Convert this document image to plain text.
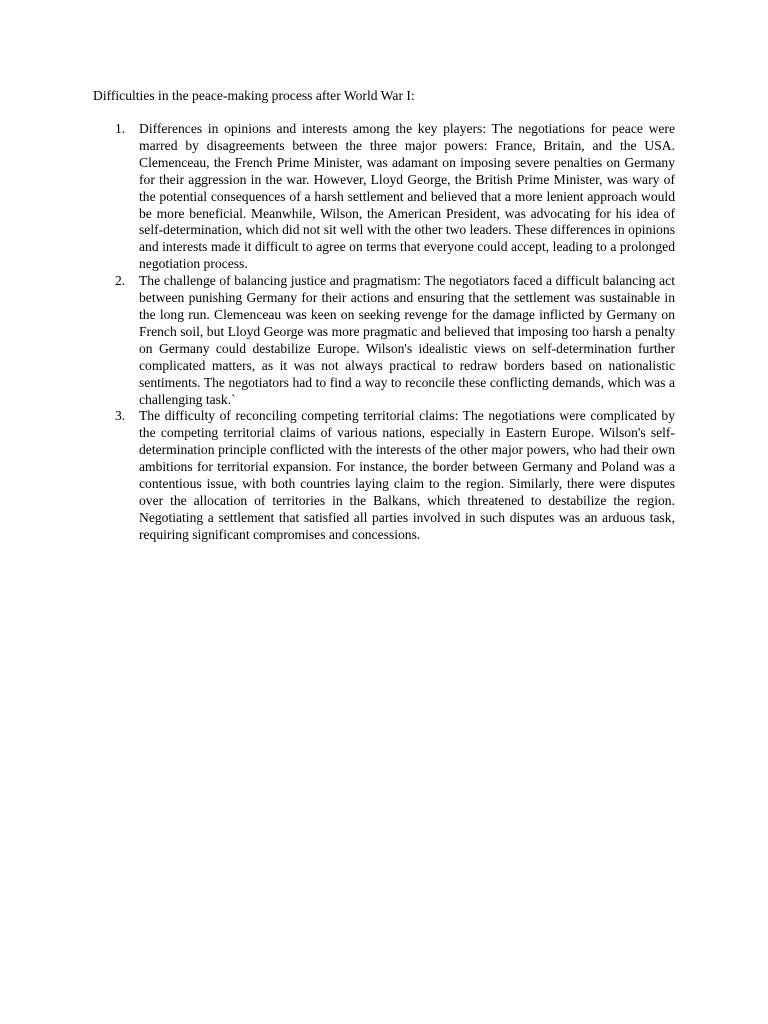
Difficulties in the peace-making process after World War I:

1. Differences in opinions and interests among the key players: The negotiations for peace were marred by disagreements between the three major powers: France, Britain, and the USA. Clemenceau, the French Prime Minister, was adamant on imposing severe penalties on Germany for their aggression in the war. However, Lloyd George, the British Prime Minister, was wary of the potential consequences of a harsh settlement and believed that a more lenient approach would be more beneficial. Meanwhile, Wilson, the American President, was advocating for his idea of self-determination, which did not sit well with the other two leaders. These differences in opinions and interests made it difficult to agree on terms that everyone could accept, leading to a prolonged negotiation process.
2. The challenge of balancing justice and pragmatism: The negotiators faced a difficult balancing act between punishing Germany for their actions and ensuring that the settlement was sustainable in the long run. Clemenceau was keen on seeking revenge for the damage inflicted by Germany on French soil, but Lloyd George was more pragmatic and believed that imposing too harsh a penalty on Germany could destabilize Europe. Wilson's idealistic views on self-determination further complicated matters, as it was not always practical to redraw borders based on nationalistic sentiments. The negotiators had to find a way to reconcile these conflicting demands, which was a challenging task.`
3. The difficulty of reconciling competing territorial claims: The negotiations were complicated by the competing territorial claims of various nations, especially in Eastern Europe. Wilson's self-determination principle conflicted with the interests of the other major powers, who had their own ambitions for territorial expansion. For instance, the border between Germany and Poland was a contentious issue, with both countries laying claim to the region. Similarly, there were disputes over the allocation of territories in the Balkans, which threatened to destabilize the region. Negotiating a settlement that satisfied all parties involved in such disputes was an arduous task, requiring significant compromises and concessions.
